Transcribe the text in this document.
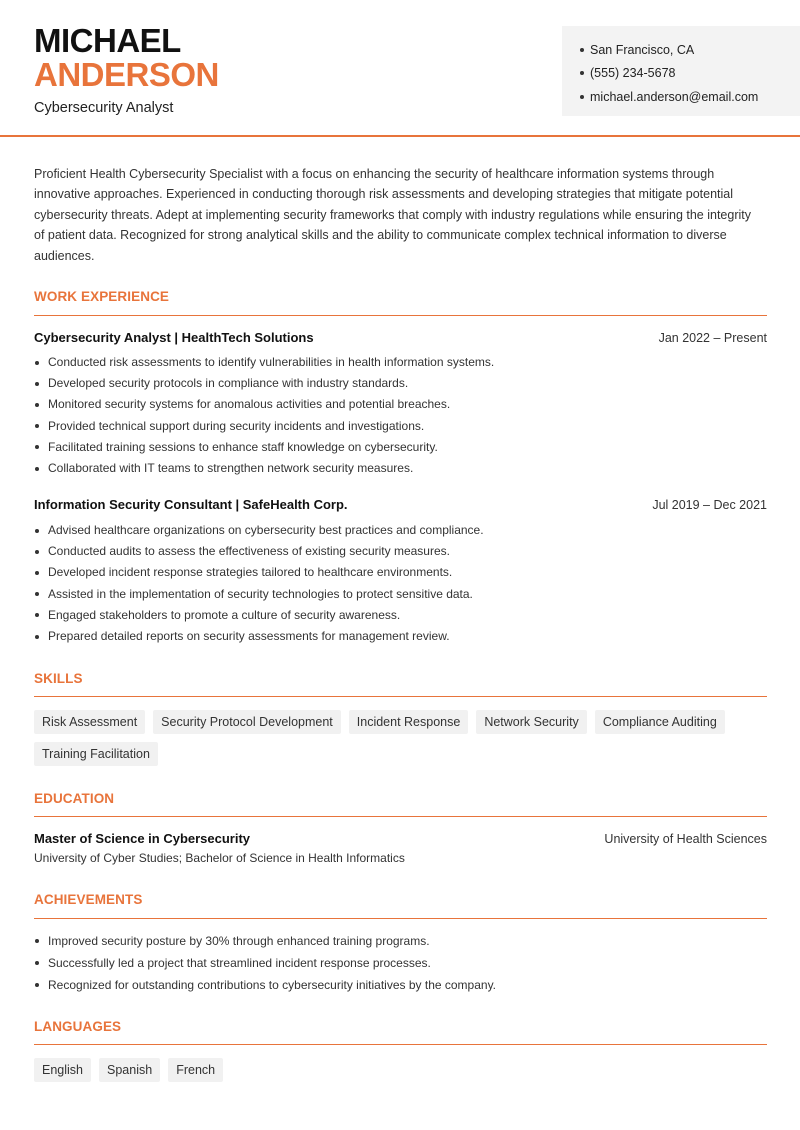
MICHAEL
ANDERSON
Cybersecurity Analyst
San Francisco, CA
(555) 234-5678
michael.anderson@email.com

Proficient Health Cybersecurity Specialist with a focus on enhancing the security of healthcare information systems through innovative approaches. Experienced in conducting thorough risk assessments and developing strategies that mitigate potential cybersecurity threats. Adept at implementing security frameworks that comply with industry regulations while ensuring the integrity of patient data. Recognized for strong analytical skills and the ability to communicate complex technical information to diverse audiences.

WORK EXPERIENCE
Cybersecurity Analyst | HealthTech Solutions	Jan 2022 – Present
Conducted risk assessments to identify vulnerabilities in health information systems.
Developed security protocols in compliance with industry standards.
Monitored security systems for anomalous activities and potential breaches.
Provided technical support during security incidents and investigations.
Facilitated training sessions to enhance staff knowledge on cybersecurity.
Collaborated with IT teams to strengthen network security measures.
Information Security Consultant | SafeHealth Corp.	Jul 2019 – Dec 2021
Advised healthcare organizations on cybersecurity best practices and compliance.
Conducted audits to assess the effectiveness of existing security measures.
Developed incident response strategies tailored to healthcare environments.
Assisted in the implementation of security technologies to protect sensitive data.
Engaged stakeholders to promote a culture of security awareness.
Prepared detailed reports on security assessments for management review.
SKILLS
Risk Assessment	Security Protocol Development	Incident Response	Network Security	Compliance Auditing
Training Facilitation
EDUCATION
Master of Science in Cybersecurity	University of Health Sciences
University of Cyber Studies; Bachelor of Science in Health Informatics
ACHIEVEMENTS
Improved security posture by 30% through enhanced training programs.
Successfully led a project that streamlined incident response processes.
Recognized for outstanding contributions to cybersecurity initiatives by the company.
LANGUAGES
English	Spanish	French
